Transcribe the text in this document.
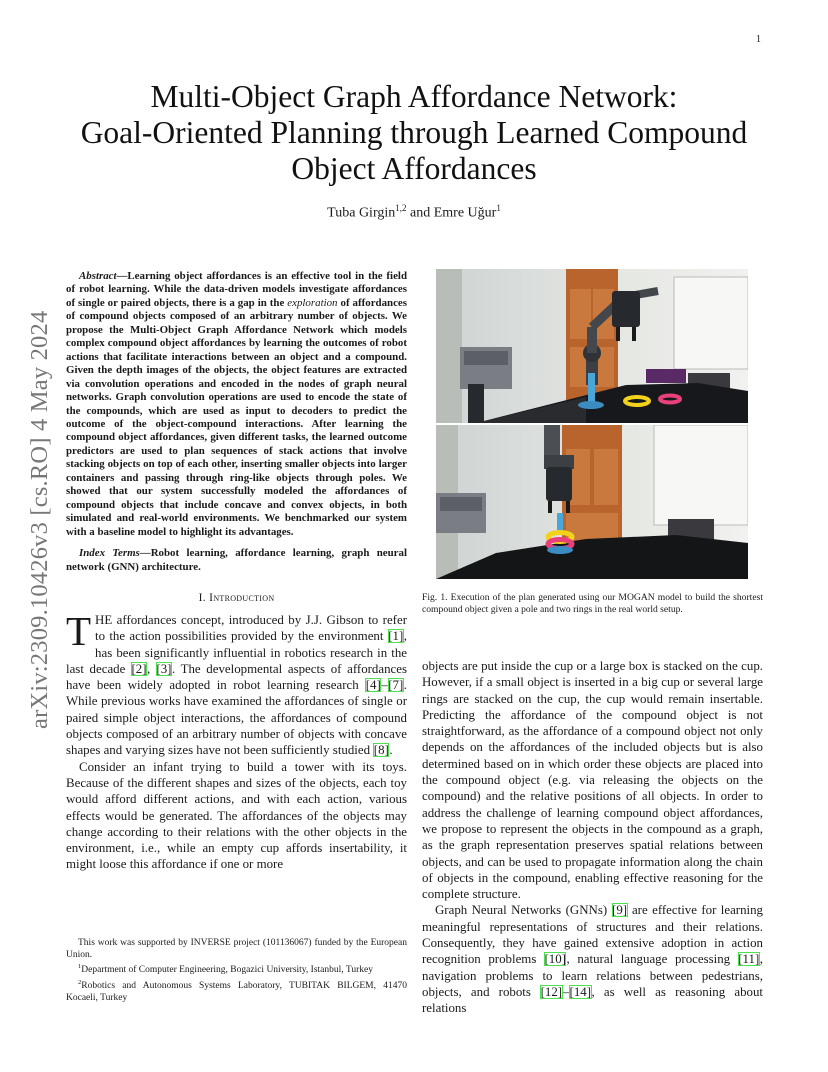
1
arXiv:2309.10426v3 [cs.RO] 4 May 2024
Multi-Object Graph Affordance Network:
Goal-Oriented Planning through Learned Compound
Object Affordances
Tuba Girgin$^{1,2}$ and Emre Uğur$^1$

Abstract—Learning object affordances is an effective tool in the field of robot learning. While the data-driven models investigate affordances of single or paired objects, there is a gap in the exploration of affordances of compound objects composed of an arbitrary number of objects. We propose the Multi-Object Graph Affordance Network which models complex compound object affordances by learning the outcomes of robot actions that facilitate interactions between an object and a compound. Given the depth images of the objects, the object features are extracted via convolution operations and encoded in the nodes of graph neural networks. Graph convolution operations are used to encode the state of the compounds, which are used as input to decoders to predict the outcome of the object-compound interactions. After learning the compound object affordances, given different tasks, the learned outcome predictors are used to plan sequences of stack actions that involve stacking objects on top of each other, inserting smaller objects into larger containers and passing through ring-like objects through poles. We showed that our system successfully modeled the affordances of compound objects that include concave and convex objects, in both simulated and real-world environments. We benchmarked our system with a baseline model to highlight its advantages.

Index Terms—Robot learning, affordance learning, graph neural network (GNN) architecture.

I. Introduction

THE affordances concept, introduced by J.J. Gibson to refer to the action possibilities provided by the environment [1], has been significantly influential in robotics research in the last decade [2], [3]. The developmental aspects of affordances have been widely adopted in robot learning research [4]–[7]. While previous works have examined the affordances of single or paired simple object interactions, the affordances of compound objects composed of an arbitrary number of objects with concave shapes and varying sizes have not been sufficiently studied [8].

Consider an infant trying to build a tower with its toys. Because of the different shapes and sizes of the objects, each toy would afford different actions, and with each action, various effects would be generated. The affordances of the objects may change according to their relations with the other objects in the environment, i.e., while an empty cup affords insertability, it might loose this affordance if one or more

This work was supported by INVERSE project (101136067) funded by the European Union.

$^1$Department of Computer Engineering, Bogazici University, Istanbul, Turkey

$^2$Robotics and Autonomous Systems Laboratory, TUBITAK BILGEM, 41470 Kocaeli, Turkey

Fig. 1. Execution of the plan generated using our MOGAN model to build the shortest compound object given a pole and two rings in the real world setup.

objects are put inside the cup or a large box is stacked on the cup. However, if a small object is inserted in a big cup or several large rings are stacked on the cup, the cup would remain insertable. Predicting the affordance of the compound object is not straightforward, as the affordance of a compound object not only depends on the affordances of the included objects but is also determined based on in which order these objects are placed into the compound object (e.g. via releasing the objects on the compound) and the relative positions of all objects. In order to address the challenge of learning compound object affordances, we propose to represent the objects in the compound as a graph, as the graph representation preserves spatial relations between objects, and can be used to propagate information along the chain of objects in the compound, enabling effective reasoning for the complete structure.

Graph Neural Networks (GNNs) [9] are effective for learning meaningful representations of structures and their relations. Consequently, they have gained extensive adoption in action recognition problems [10], natural language processing [11], navigation problems to learn relations between pedestrians, objects, and robots [12]–[14], as well as reasoning about relations
